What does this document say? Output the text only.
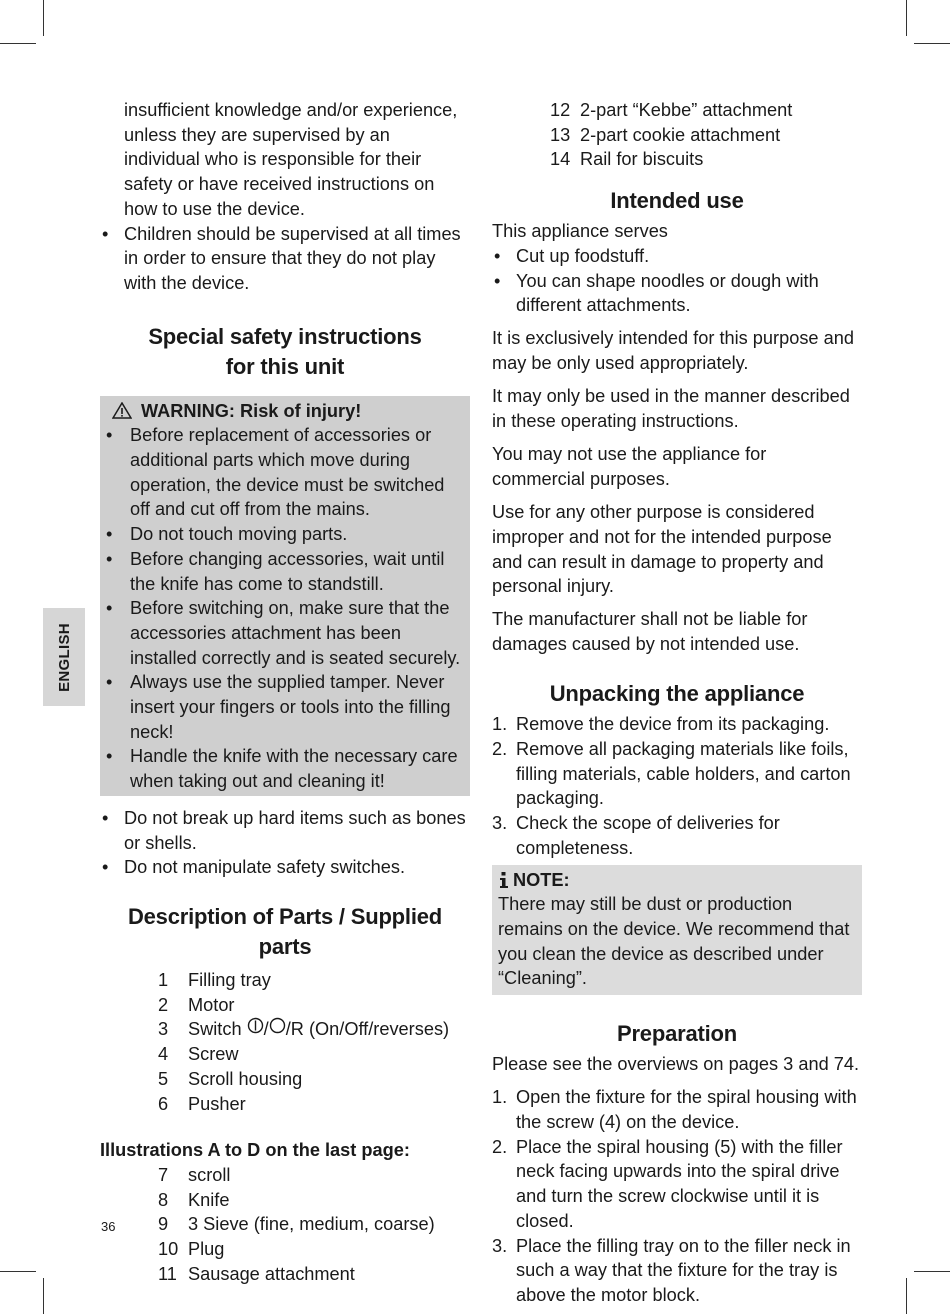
ENGLISH
insufficient knowledge and/or experience, unless they are supervised by an individual who is responsible for their safety or have received instructions on how to use the device.
• Children should be supervised at all times in order to ensure that they do not play with the device.
Special safety instructions
for this unit
WARNING: Risk of injury!
• Before replacement of accessories or additional parts which move during operation, the device must be switched off and cut off from the mains.
• Do not touch moving parts.
• Before changing accessories, wait until the knife has come to standstill.
• Before switching on, make sure that the accessories attachment has been installed correctly and is seated securely.
• Always use the supplied tamper. Never insert your fingers or tools into the filling neck!
• Handle the knife with the necessary care when taking out and cleaning it!
• Do not break up hard items such as bones or shells.
• Do not manipulate safety switches.
Description of Parts / Supplied parts
1	Filling tray
2	Motor
3	Switch
/ /R (On/Off/reverses)
4	Screw
5	Scroll housing
6	Pusher
Illustrations A to D on the last page:
7	scroll
8	Knife
9	3 Sieve (fine, medium, coarse)
10 Plug
11 Sausage attachment
12 2-part “Kebbe” attachment
13 2-part cookie attachment
14 Rail for biscuits
Intended use
This appliance serves
• Cut up foodstuff.
• You can shape noodles or dough with different attachments.

It is exclusively intended for this purpose and may be only used appropriately.

It may only be used in the manner described in these operating instructions.

You may not use the appliance for commercial purposes.

Use for any other purpose is considered improper and not for the intended purpose and can result in damage to property and personal injury.

The manufacturer shall not be liable for damages caused by not intended use.

Unpacking the appliance
1. Remove the device from its packaging.
2. Remove all packaging materials like foils, filling materials, cable holders, and carton packaging.
3. Check the scope of deliveries for completeness.
NOTE:
There may still be dust or production remains on the device. We recommend that you clean the device as described under “Cleaning”.
Preparation

Please see the overviews on pages 3 and 74.

1. Open the fixture for the spiral housing with the screw (4) on the device.
2. Place the spiral housing (5) with the filler neck facing upwards into the spiral drive and turn the screw clockwise until it is closed.
3. Place the filling tray on to the filler neck in such a way that the fixture for the tray is above the motor block.
36
